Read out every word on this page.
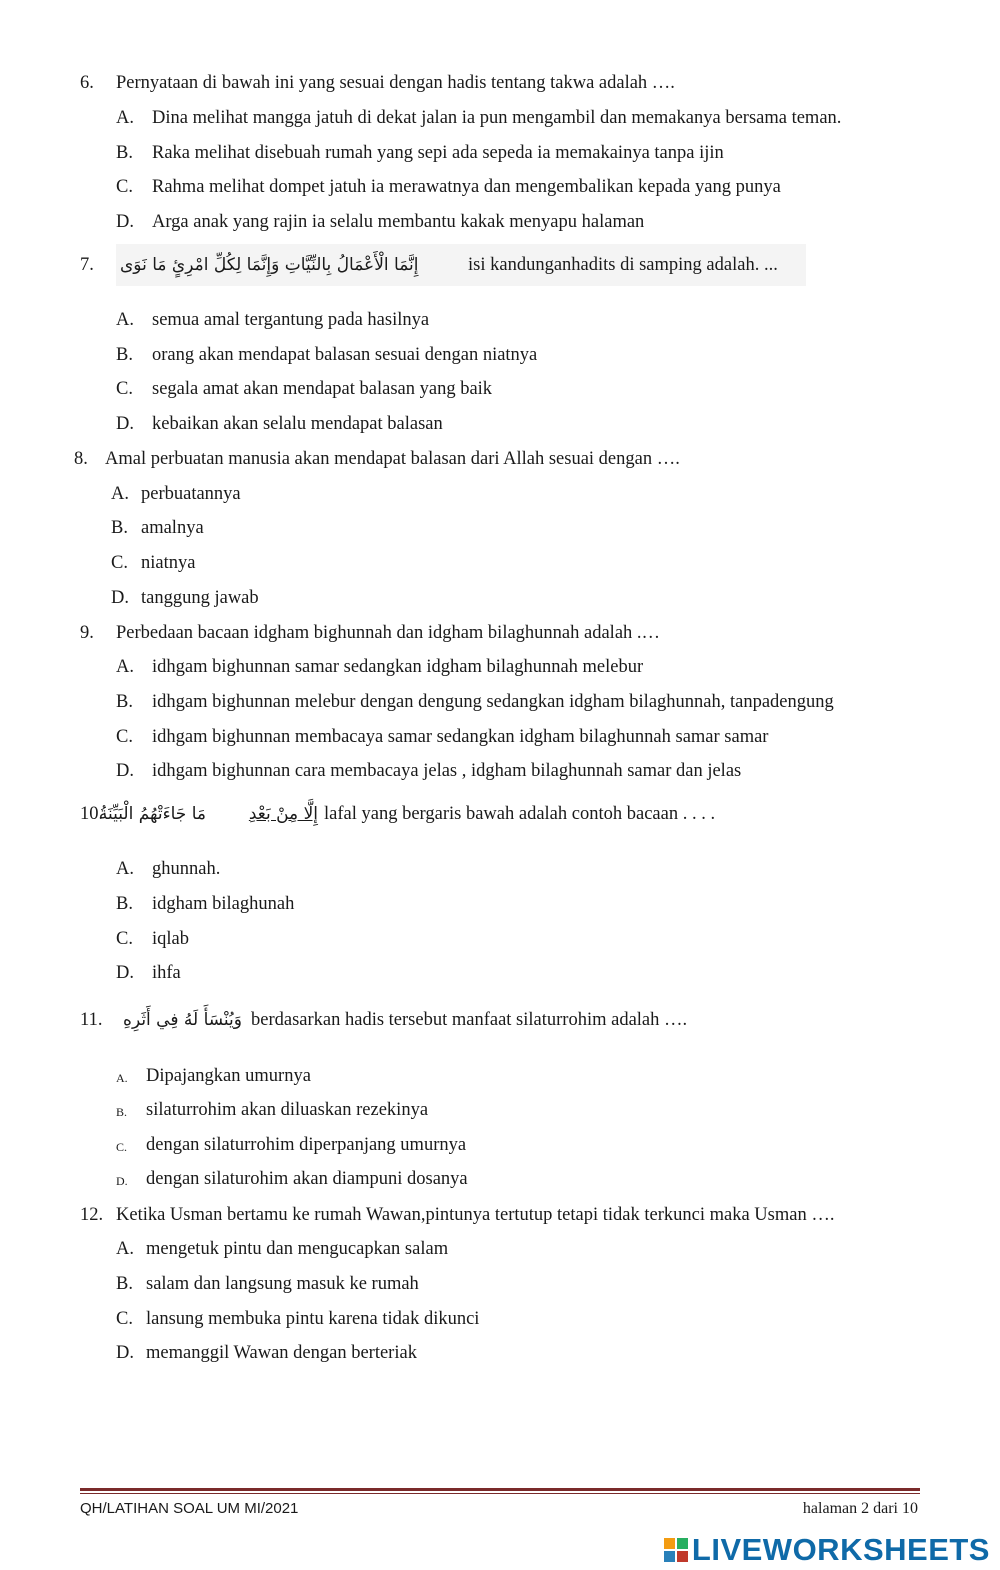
6. Pernyataan di bawah ini yang sesuai dengan hadis tentang takwa adalah ….
A. Dina melihat mangga jatuh di dekat jalan ia pun mengambil dan memakanya bersama teman.
B. Raka melihat disebuah rumah yang sepi ada sepeda ia memakainya tanpa ijin
C. Rahma melihat dompet jatuh ia merawatnya dan mengembalikan kepada yang punya
D. Arga anak yang rajin ia selalu membantu kakak menyapu halaman
7. إِنَّمَا الْأَعْمَالُ بِالنِّيَّاتِ وَإِنَّمَا لِكُلِّ امْرِئٍ مَا نَوَى	isi kandunganhadits di samping adalah. ...
A. semua amal tergantung pada hasilnya
B. orang akan mendapat balasan sesuai dengan niatnya
C. segala amat akan mendapat balasan yang baik
D. kebaikan akan selalu mendapat balasan
8. Amal perbuatan manusia akan mendapat balasan dari Allah sesuai dengan ….
A. perbuatannya
B. amalnya
C. niatnya
D. tanggung jawab
9. Perbedaan bacaan idgham bighunnah dan idgham bilaghunnah adalah .…
A. idhgam bighunnan samar sedangkan idgham bilaghunnah melebur
B. idhgam bighunnan melebur dengan dengung sedangkan idgham bilaghunnah, tanpadengung
C. idhgam bighunnan membacaya samar sedangkan idgham bilaghunnah samar samar
D. idhgam bighunnan cara membacaya jelas , idgham bilaghunnah samar dan jelas
10.
مَا جَاءَتْهُمُ الْبَيِّنَةُ	إِلَّا مِنْ بَعْدِ lafal yang bergaris bawah adalah contoh bacaan . . . .
A. ghunnah.
B. idgham bilaghunah
C. iqlab
D. ihfa
11.	وَيُنْسَأَ لَهُ فِي أَثَرِهِ berdasarkan hadis tersebut manfaat silaturrohim adalah ….
A. Dipajangkan umurnya
B. silaturrohim akan diluaskan rezekinya
C. dengan silaturrohim diperpanjang umurnya
D. dengan silaturohim akan diampuni dosanya
12. Ketika Usman bertamu ke rumah Wawan,pintunya tertutup tetapi tidak terkunci maka Usman ….
A. mengetuk pintu dan mengucapkan salam
B. salam dan langsung masuk ke rumah
C. lansung membuka pintu karena tidak dikunci
D. memanggil Wawan dengan berteriak
QH/LATIHAN SOAL UM MI/2021	halaman 2 dari 10
LIVEWORKSHEETS
